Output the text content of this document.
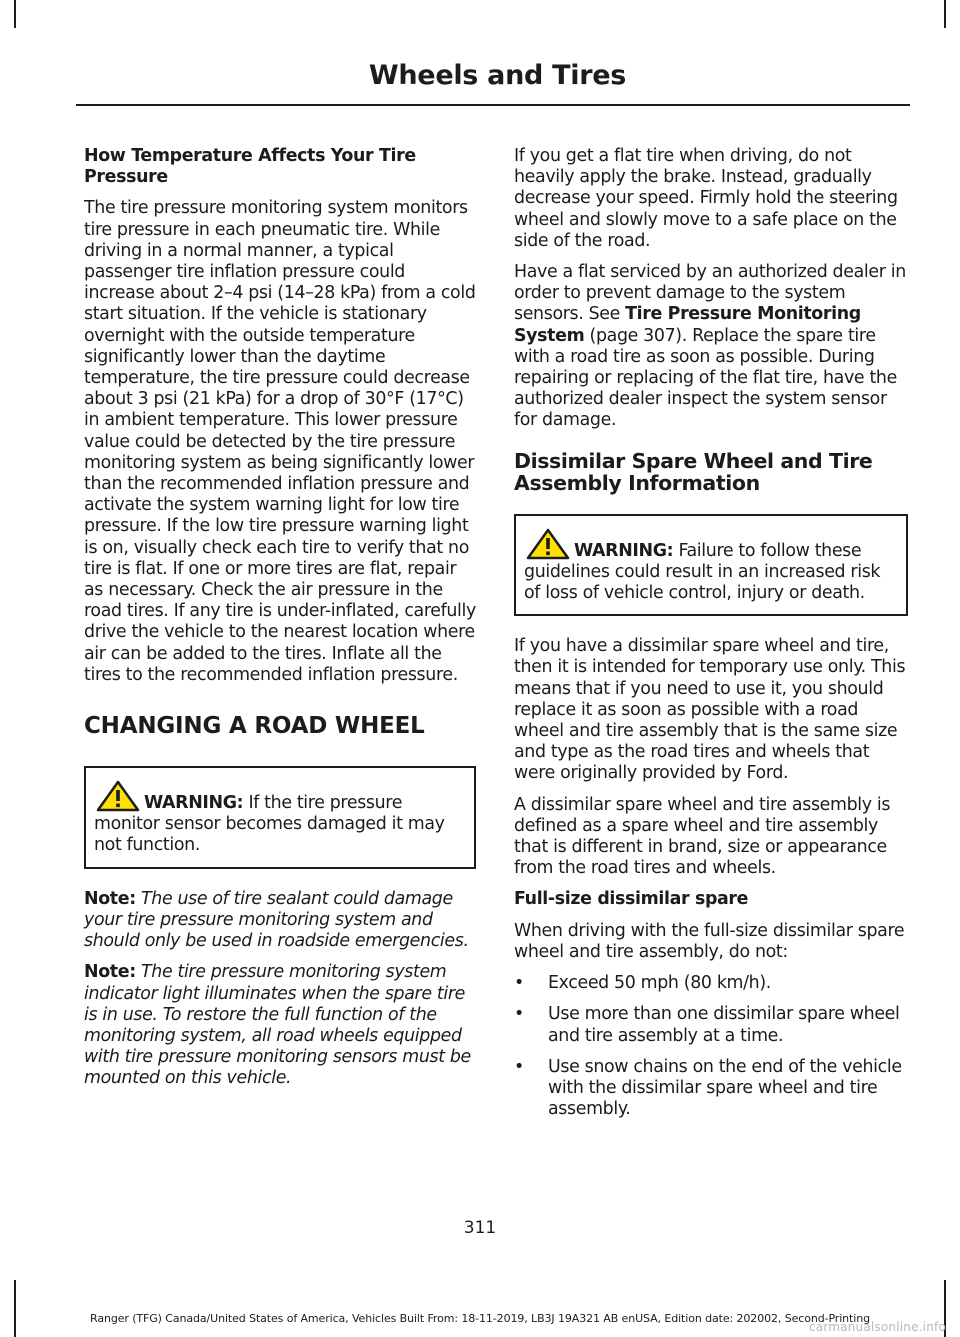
Wheels and Tires
How Temperature Affects Your Tire Pressure

The tire pressure monitoring system monitors tire pressure in each pneumatic tire. While driving in a normal manner, a typical passenger tire inflation pressure could increase about 2–4 psi (14–28 kPa) from a cold start situation. If the vehicle is stationary overnight with the outside temperature significantly lower than the daytime temperature, the tire pressure could decrease about 3 psi (21 kPa) for a drop of 30°F (17°C) in ambient temperature. This lower pressure value could be detected by the tire pressure monitoring system as being significantly lower than the recommended inflation pressure and activate the system warning light for low tire pressure. If the low tire pressure warning light is on, visually check each tire to verify that no tire is flat. If one or more tires are flat, repair as necessary. Check the air pressure in the road tires. If any tire is under-inflated, carefully drive the vehicle to the nearest location where air can be added to the tires. Inflate all the tires to the recommended inflation pressure.

CHANGING A ROAD WHEEL
WARNING: If the tire pressure monitor sensor becomes damaged it may not function.

Note: The use of tire sealant could damage your tire pressure monitoring system and should only be used in roadside emergencies.

Note: The tire pressure monitoring system indicator light illuminates when the spare tire is in use. To restore the full function of the monitoring system, all road wheels equipped with tire pressure monitoring sensors must be mounted on this vehicle.

If you get a flat tire when driving, do not heavily apply the brake. Instead, gradually decrease your speed. Firmly hold the steering wheel and slowly move to a safe place on the side of the road.

Have a flat serviced by an authorized dealer in order to prevent damage to the system sensors. See Tire Pressure Monitoring System (page 307). Replace the spare tire with a road tire as soon as possible. During repairing or replacing of the flat tire, have the authorized dealer inspect the system sensor for damage.

Dissimilar Spare Wheel and Tire Assembly Information
WARNING: Failure to follow these guidelines could result in an increased risk of loss of vehicle control, injury or death.

If you have a dissimilar spare wheel and tire, then it is intended for temporary use only. This means that if you need to use it, you should replace it as soon as possible with a road wheel and tire assembly that is the same size and type as the road tires and wheels that were originally provided by Ford.

A dissimilar spare wheel and tire assembly is defined as a spare wheel and tire assembly that is different in brand, size or appearance from the road tires and wheels.

Full-size dissimilar spare

When driving with the full-size dissimilar spare wheel and tire assembly, do not:

• Exceed 50 mph (80 km/h).
• Use more than one dissimilar spare wheel and tire assembly at a time.
• Use snow chains on the end of the vehicle with the dissimilar spare wheel and tire assembly.
311
Ranger (TFG) Canada/United States of America, Vehicles Built From: 18-11-2019, LB3J 19A321 AB enUSA, Edition date: 202002, Second-Printing
carmanualsonline.info
